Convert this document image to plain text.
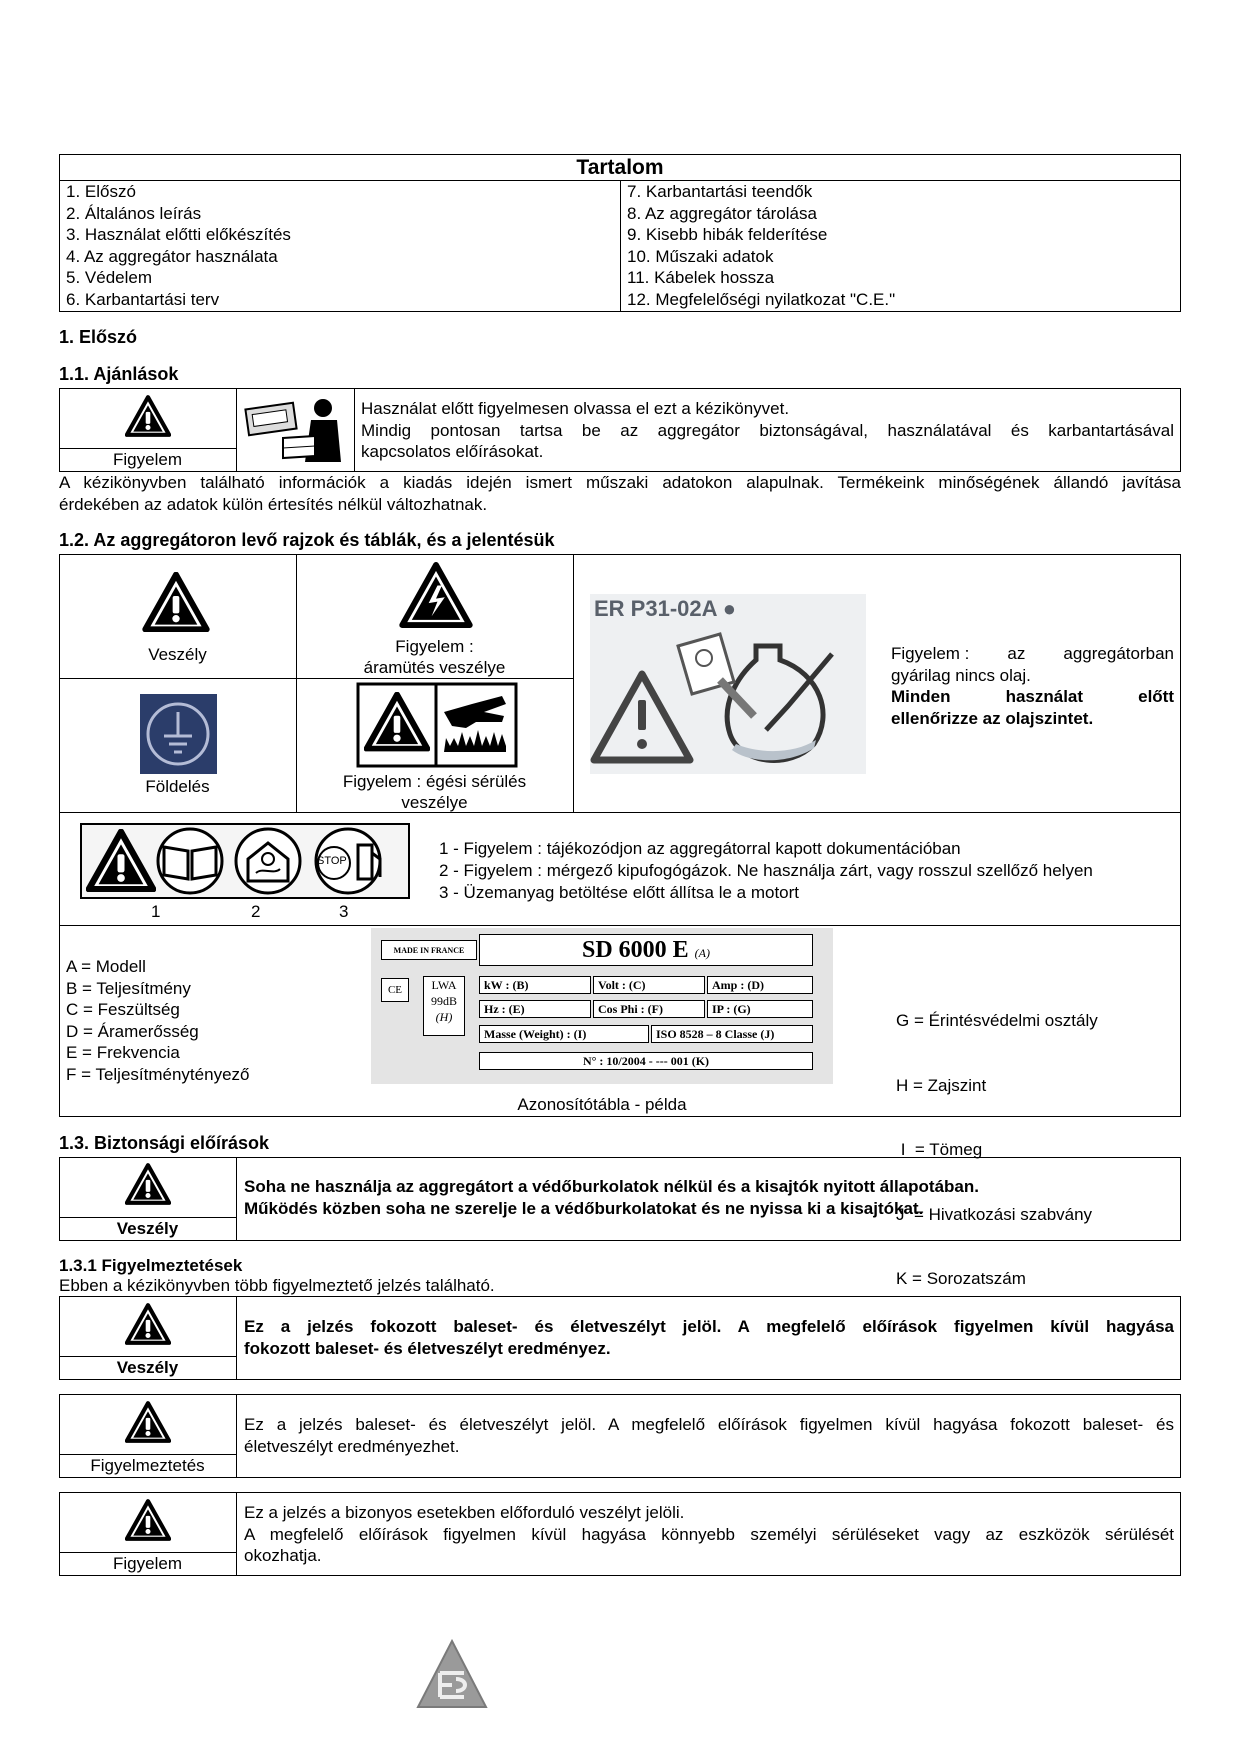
Tartalom
1. Előszó
2. Általános leírás
3. Használat előtti előkészítés
4. Az aggregátor használata
5. Védelem
6. Karbantartási terv
7. Karbantartási teendők
8. Az aggregátor tárolása
9. Kisebb hibák felderítése
10. Műszaki adatok
11. Kábelek hossza
12. Megfelelőségi nyilatkozat "C.E."
1. Előszó
1.1. Ajánlások
Figyelem
Használat előtt figyelmesen olvassa el ezt a kézikönyvet.
Mindig pontosan tartsa be az aggregátor biztonságával, használatával és karbantartásával
kapcsolatos előírásokat.
A kézikönyvben található információk a kiadás idején ismert műszaki adatokon alapulnak. Termékeink minőségének állandó javítása
érdekében az adatok külön értesítés nélkül változhatnak.
1.2. Az aggregátoron levő rajzok és táblák, és a jelentésük
Veszély	Figyelem :
áramütés veszélye
Földelés	Figyelem : égési sérülés
veszélye
ER P31-02A ●
Figyelem : az aggregátorban
gyárilag nincs olaj.
Minden	használat	előtt
ellenőrizze az olajszintet.
STOP
1	2	3
1 - Figyelem : tájékozódjon az aggregátorral kapott dokumentációban
2 - Figyelem : mérgező kipufogógázok. Ne használja zárt, vagy rosszul szellőző helyen
3 - Üzemanyag betöltése előtt állítsa le a motort
A = Modell
B = Teljesítmény
C = Feszültség
D = Áramerősség
E = Frekvencia
F = Teljesítménytényező

G = Érintésvédelmi osztály

H = Zajszint

I  = Tömeg

J  = Hivatkozási szabvány

K = Sorozatszám

MADE IN FRANCE	SD 6000 E (A)
CE	LWA
99dB
(H)
kW : (B)	Volt : (C)	Amp : (D)
Hz : (E)	Cos Phi : (F)	IP : (G)
Masse (Weight) : (I)	ISO 8528 – 8 Classe (J)
N° : 10/2004 - --- 001 (K)
Azonosítótábla - példa
1.3. Biztonsági előírások
Veszély
Soha ne használja az aggregátort a védőburkolatok nélkül és a kisajtók nyitott állapotában.
Működés közben soha ne szerelje le a védőburkolatokat és ne nyissa ki a kisajtókat.
1.3.1 Figyelmeztetések
Ebben a kézikönyvben több figyelmeztető jelzés található.
Veszély
Ez a jelzés fokozott baleset- és életveszélyt jelöl. A megfelelő előírások figyelmen kívül hagyása
fokozott baleset- és életveszélyt eredményez.
Figyelmeztetés
Ez a jelzés baleset- és életveszélyt jelöl. A megfelelő előírások figyelmen kívül hagyása fokozott baleset- és
életveszélyt eredményezhet.
Figyelem
Ez a jelzés a bizonyos esetekben előforduló veszélyt jelöli.
A megfelelő előírások figyelmen kívül hagyása könnyebb személyi sérüléseket vagy az eszközök sérülését
okozhatja.
